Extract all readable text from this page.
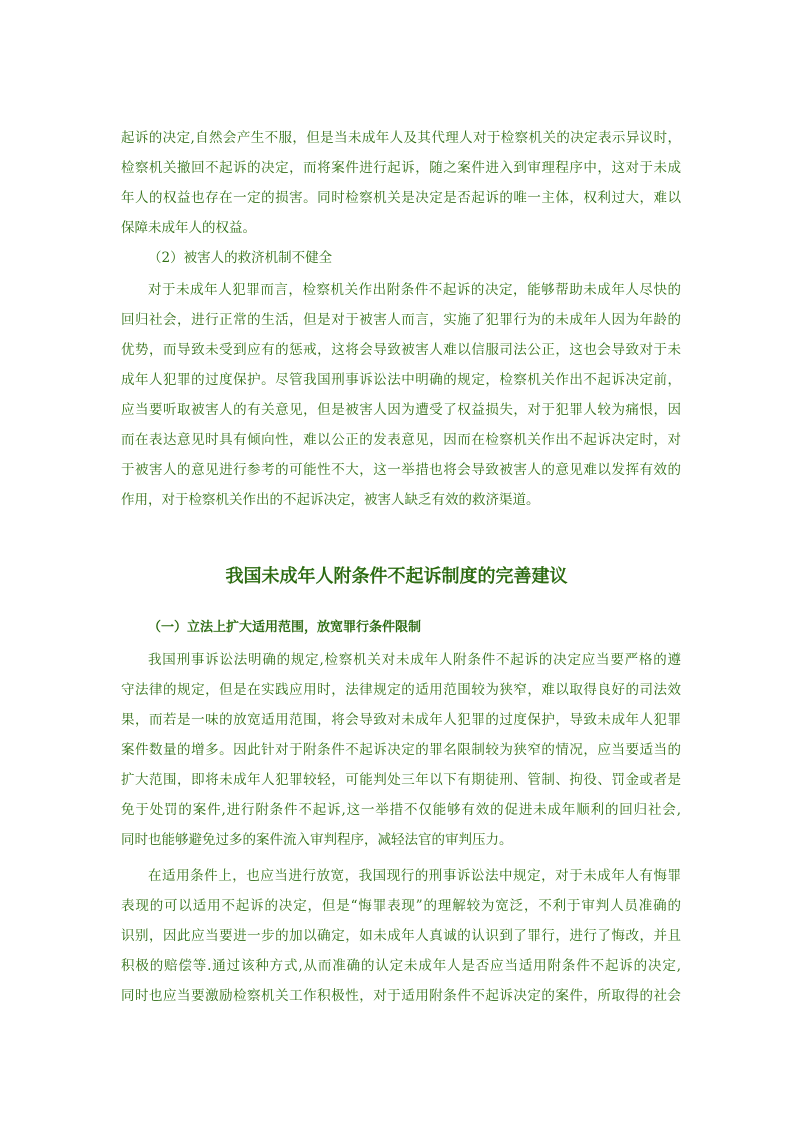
起诉的决定,自然会产生不服，但是当未成年人及其代理人对于检察机关的决定表示异议时，
检察机关撤回不起诉的决定，而将案件进行起诉，随之案件进入到审理程序中，这对于未成
年人的权益也存在一定的损害。同时检察机关是决定是否起诉的唯一主体，权利过大，难以
保障未成年人的权益。
（2）被害人的救济机制不健全
对于未成年人犯罪而言，检察机关作出附条件不起诉的决定，能够帮助未成年人尽快的
回归社会，进行正常的生活，但是对于被害人而言，实施了犯罪行为的未成年人因为年龄的
优势，而导致未受到应有的惩戒，这将会导致被害人难以信服司法公正，这也会导致对于未
成年人犯罪的过度保护。尽管我国刑事诉讼法中明确的规定，检察机关作出不起诉决定前，
应当要听取被害人的有关意见，但是被害人因为遭受了权益损失，对于犯罪人较为痛恨，因
而在表达意见时具有倾向性，难以公正的发表意见，因而在检察机关作出不起诉决定时，对
于被害人的意见进行参考的可能性不大，这一举措也将会导致被害人的意见难以发挥有效的
作用，对于检察机关作出的不起诉决定，被害人缺乏有效的救济渠道。
我国未成年人附条件不起诉制度的完善建议
（一）立法上扩大适用范围，放宽罪行条件限制
我国刑事诉讼法明确的规定,检察机关对未成年人附条件不起诉的决定应当要严格的遵
守法律的规定，但是在实践应用时，法律规定的适用范围较为狭窄，难以取得良好的司法效
果，而若是一味的放宽适用范围，将会导致对未成年人犯罪的过度保护，导致未成年人犯罪
案件数量的增多。因此针对于附条件不起诉决定的罪名限制较为狭窄的情况，应当要适当的
扩大范围，即将未成年人犯罪较轻，可能判处三年以下有期徒刑、管制、拘役、罚金或者是
免于处罚的案件,进行附条件不起诉,这一举措不仅能够有效的促进未成年顺利的回归社会,
同时也能够避免过多的案件流入审判程序，减轻法官的审判压力。
在适用条件上，也应当进行放宽，我国现行的刑事诉讼法中规定，对于未成年人有悔罪
表现的可以适用不起诉的决定，但是“悔罪表现”的理解较为宽泛，不利于审判人员准确的
识别，因此应当要进一步的加以确定，如未成年人真诚的认识到了罪行，进行了悔改，并且
积极的赔偿等.通过该种方式,从而准确的认定未成年人是否应当适用附条件不起诉的决定,
同时也应当要激励检察机关工作积极性，对于适用附条件不起诉决定的案件，所取得的社会
